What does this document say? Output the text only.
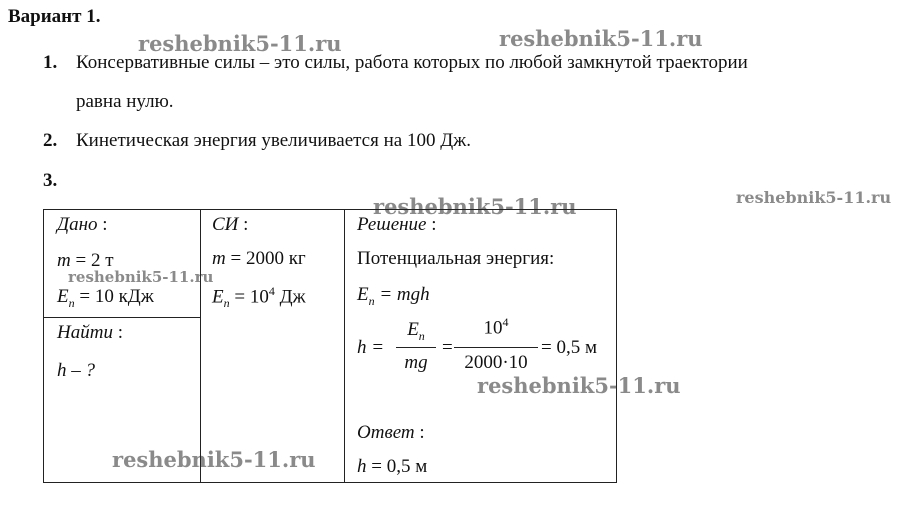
Вариант 1.
reshebnik5-11.ru	reshebnik5-11.ru
reshebnik5-11.ru
reshebnik5-11.ru
reshebnik5-11.ru
reshebnik5-11.ru
reshebnik5-11.ru
1. Консервативные силы – это силы, работа которых по любой замкнутой траектории
равна нулю.
2. Кинетическая энергия увеличивается на 100 Дж.
3.
Дано :
m = 2 т
$E_п = 10$ кДж
Найти :
h – ?
СИ :
m = 2000 кг
$E_п = 10^4$ Дж
Решение :
Потенциальная энергия:
$E_п$ = mgh
h =
$E_п$
mg
=
$10^4$
2000·10
= 0,5 м
Ответ :
h = 0,5 м
